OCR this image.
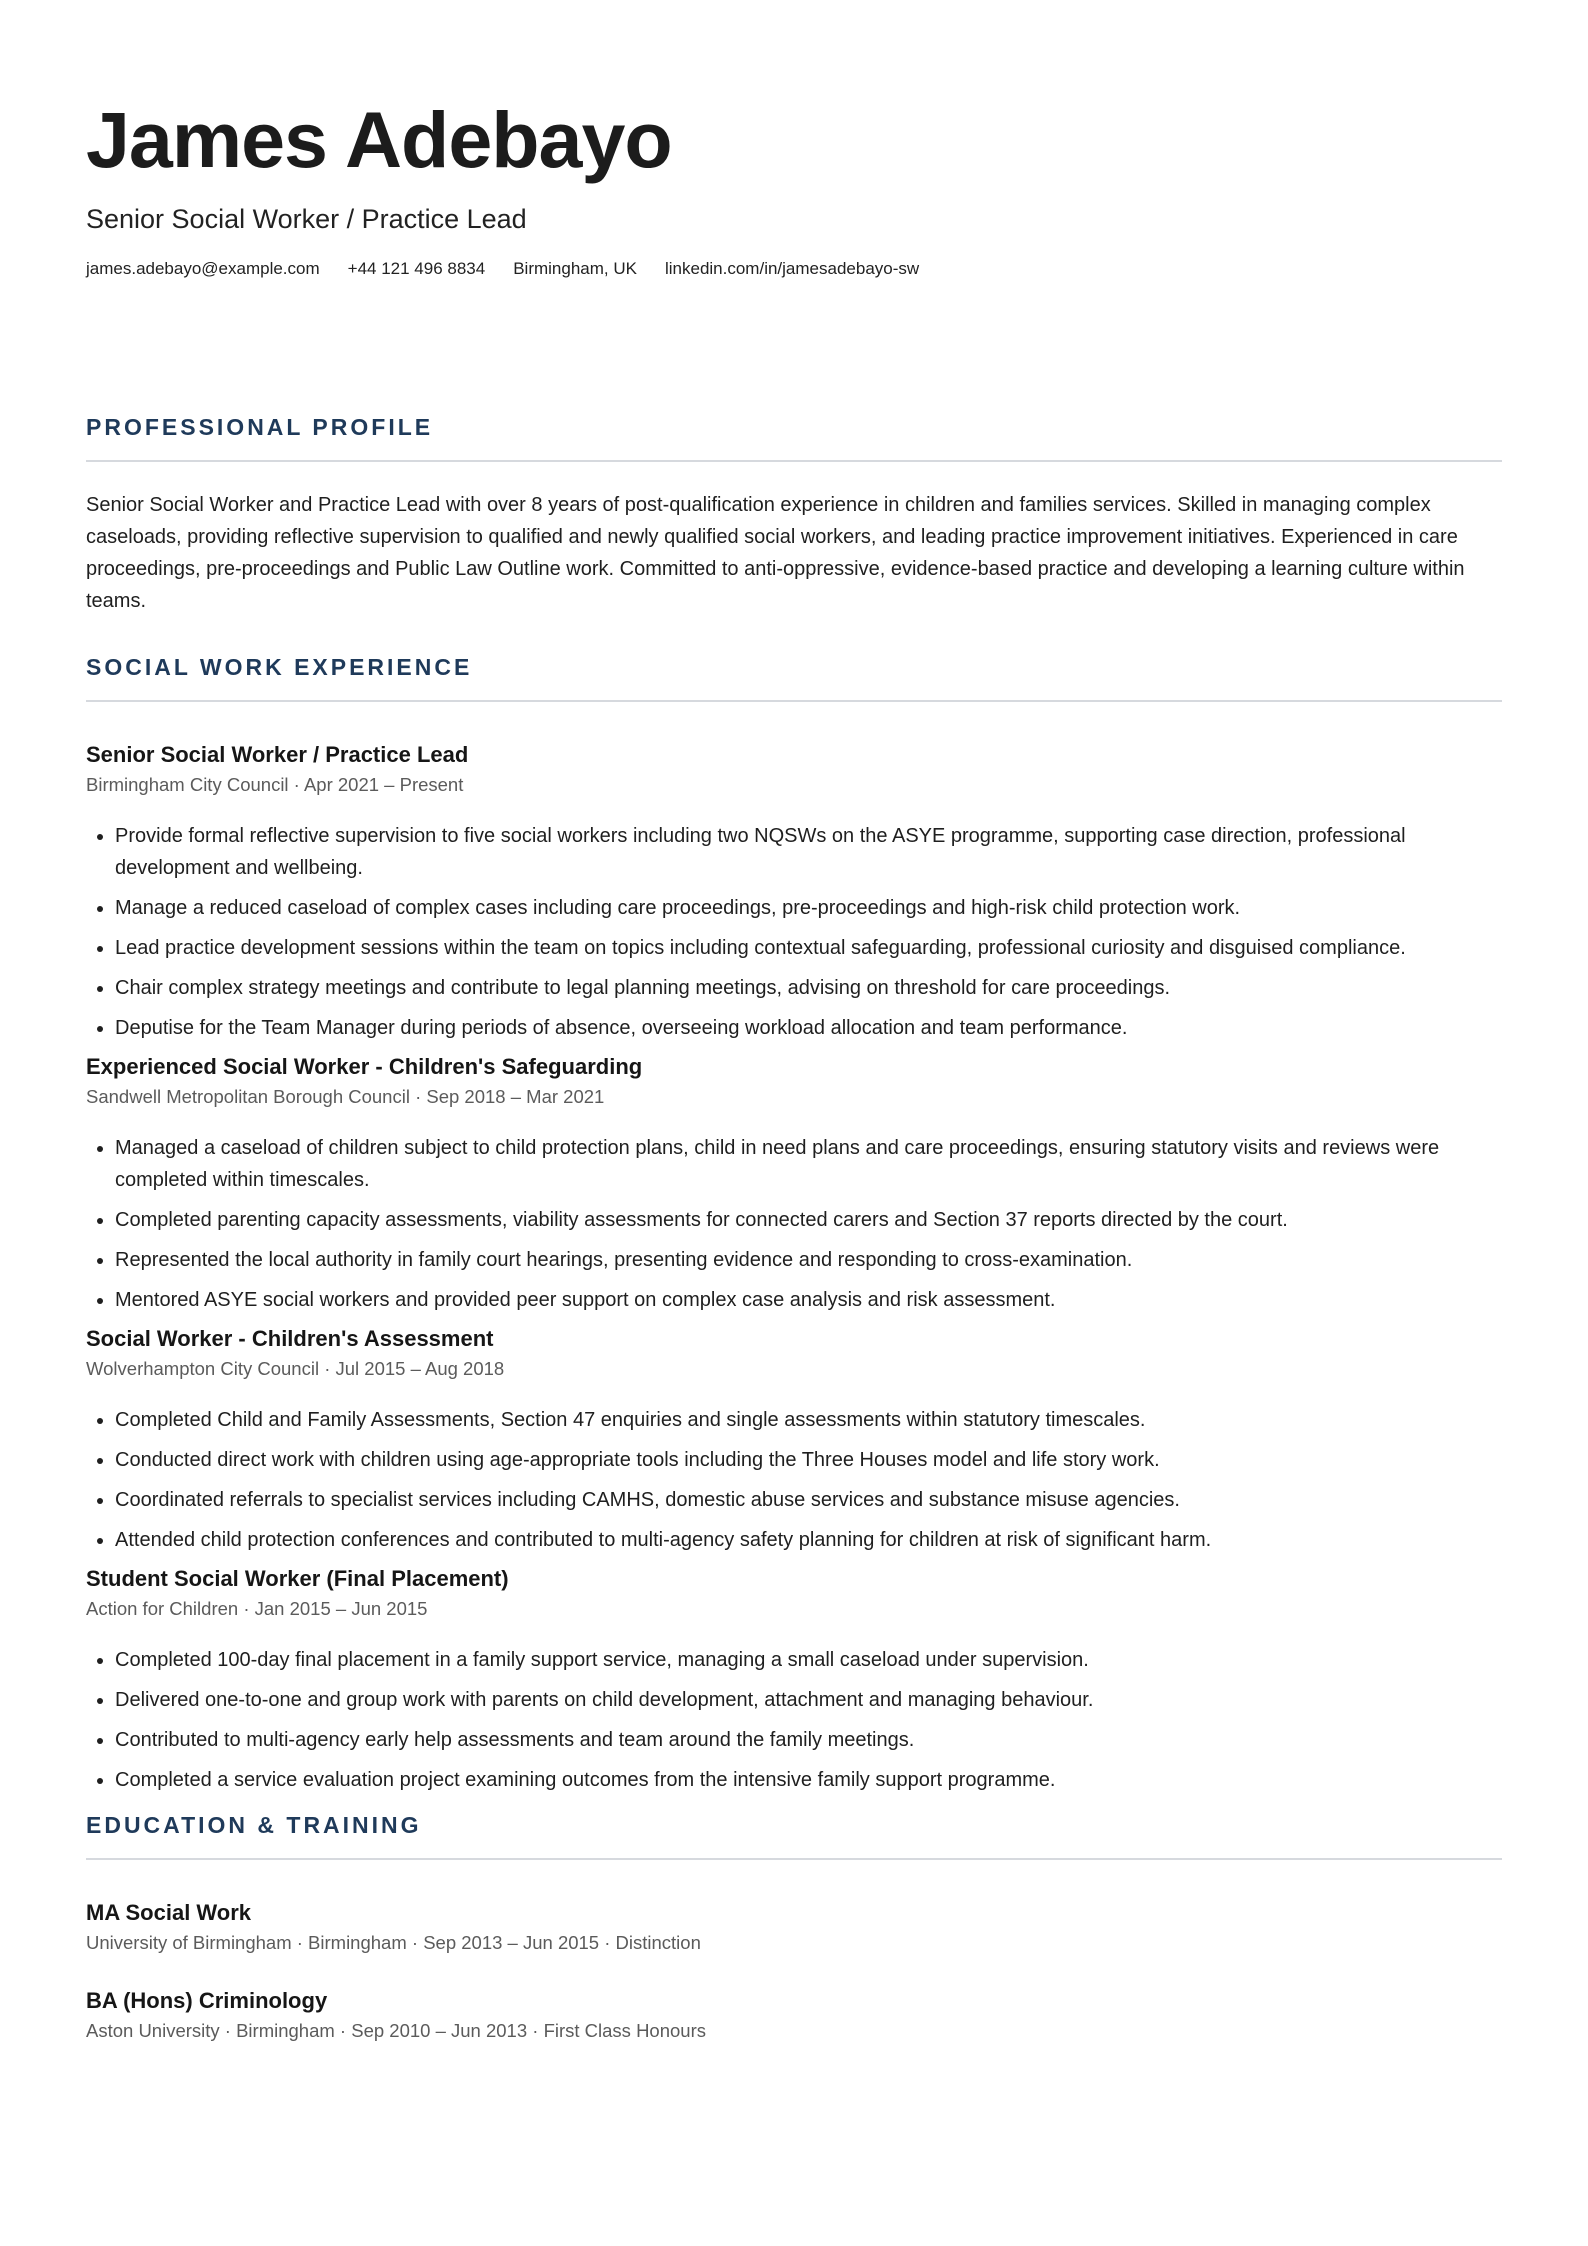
James Adebayo
Senior Social Worker / Practice Lead
james.adebayo@example.com +44 121 496 8834 Birmingham, UK linkedin.com/in/jamesadebayo-sw
PROFESSIONAL PROFILE

Senior Social Worker and Practice Lead with over 8 years of post-qualification experience in children and families services. Skilled in managing complex caseloads, providing reflective supervision to qualified and newly qualified social workers, and leading practice improvement initiatives. Experienced in care proceedings, pre-proceedings and Public Law Outline work. Committed to anti-oppressive, evidence-based practice and developing a learning culture within teams.

SOCIAL WORK EXPERIENCE
Senior Social Worker / Practice Lead
Birmingham City Council · Apr 2021 – Present
• Provide formal reflective supervision to five social workers including two NQSWs on the ASYE programme, supporting case direction, professional development and wellbeing.
• Manage a reduced caseload of complex cases including care proceedings, pre-proceedings and high-risk child protection work.
• Lead practice development sessions within the team on topics including contextual safeguarding, professional curiosity and disguised compliance.
• Chair complex strategy meetings and contribute to legal planning meetings, advising on threshold for care proceedings.
• Deputise for the Team Manager during periods of absence, overseeing workload allocation and team performance.
Experienced Social Worker - Children's Safeguarding
Sandwell Metropolitan Borough Council · Sep 2018 – Mar 2021
• Managed a caseload of children subject to child protection plans, child in need plans and care proceedings, ensuring statutory visits and reviews were completed within timescales.
• Completed parenting capacity assessments, viability assessments for connected carers and Section 37 reports directed by the court.
• Represented the local authority in family court hearings, presenting evidence and responding to cross-examination.
• Mentored ASYE social workers and provided peer support on complex case analysis and risk assessment.
Social Worker - Children's Assessment
Wolverhampton City Council · Jul 2015 – Aug 2018
• Completed Child and Family Assessments, Section 47 enquiries and single assessments within statutory timescales.
• Conducted direct work with children using age-appropriate tools including the Three Houses model and life story work.
• Coordinated referrals to specialist services including CAMHS, domestic abuse services and substance misuse agencies.
• Attended child protection conferences and contributed to multi-agency safety planning for children at risk of significant harm.
Student Social Worker (Final Placement)
Action for Children · Jan 2015 – Jun 2015
• Completed 100-day final placement in a family support service, managing a small caseload under supervision.
• Delivered one-to-one and group work with parents on child development, attachment and managing behaviour.
• Contributed to multi-agency early help assessments and team around the family meetings.
• Completed a service evaluation project examining outcomes from the intensive family support programme.
EDUCATION & TRAINING
MA Social Work
University of Birmingham · Birmingham · Sep 2013 – Jun 2015 · Distinction
BA (Hons) Criminology
Aston University · Birmingham · Sep 2010 – Jun 2013 · First Class Honours
